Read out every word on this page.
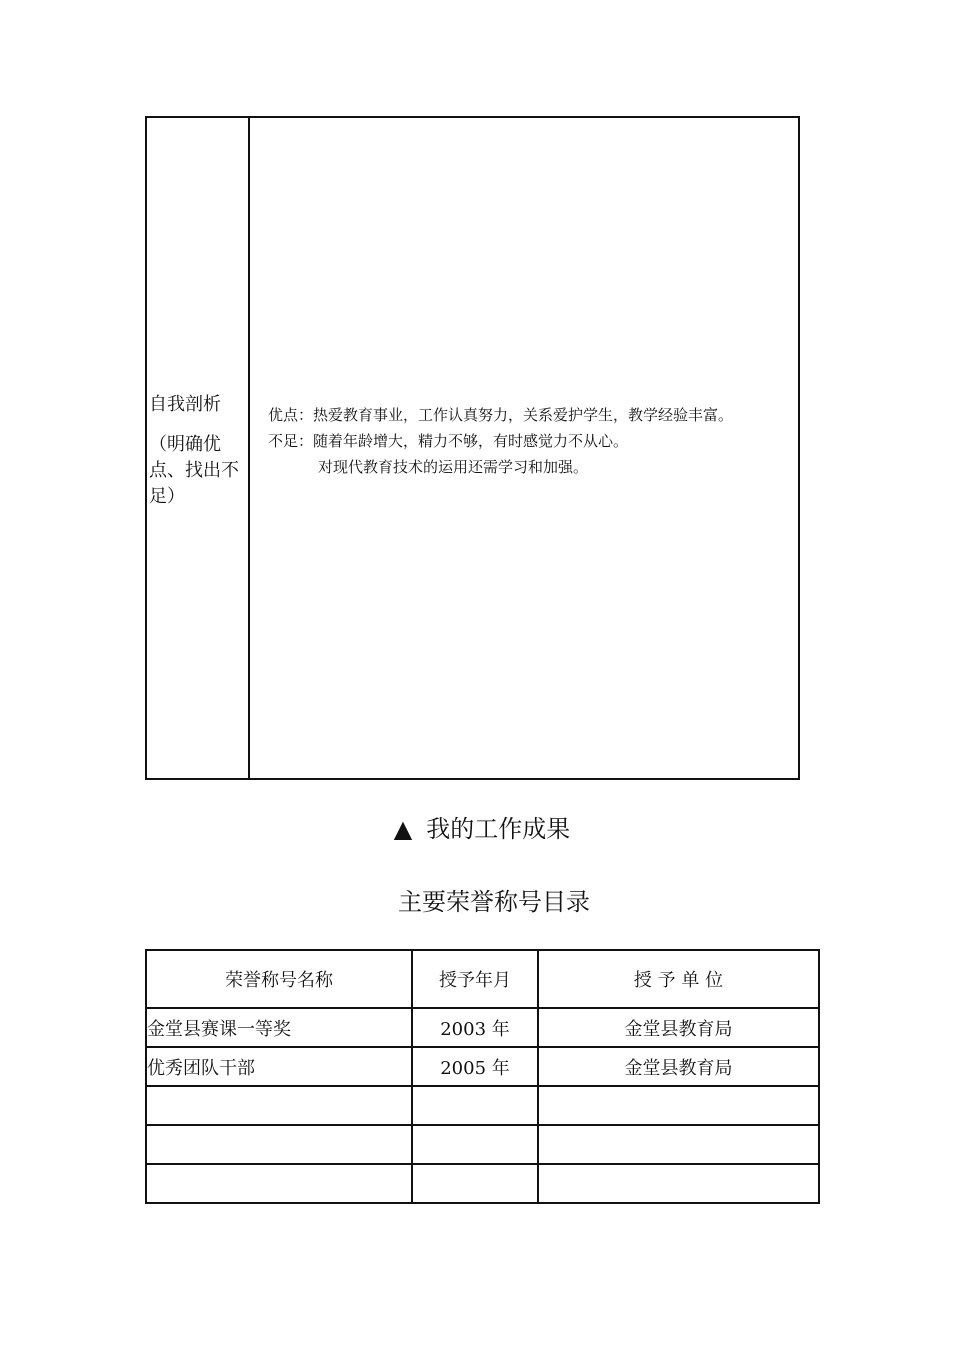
自我剖析
（明确优点、找出不足）
优点：热爱教育事业，工作认真努力，关系爱护学生，教学经验丰富。
不足：随着年龄增大，精力不够，有时感觉力不从心。
对现代教育技术的运用还需学习和加强。
▲ 我的工作成果
主要荣誉称号目录
荣誉称号名称	授予年月	授 予 单 位
金堂县赛课一等奖	2003 年	金堂县教育局
优秀团队干部	2005 年	金堂县教育局
